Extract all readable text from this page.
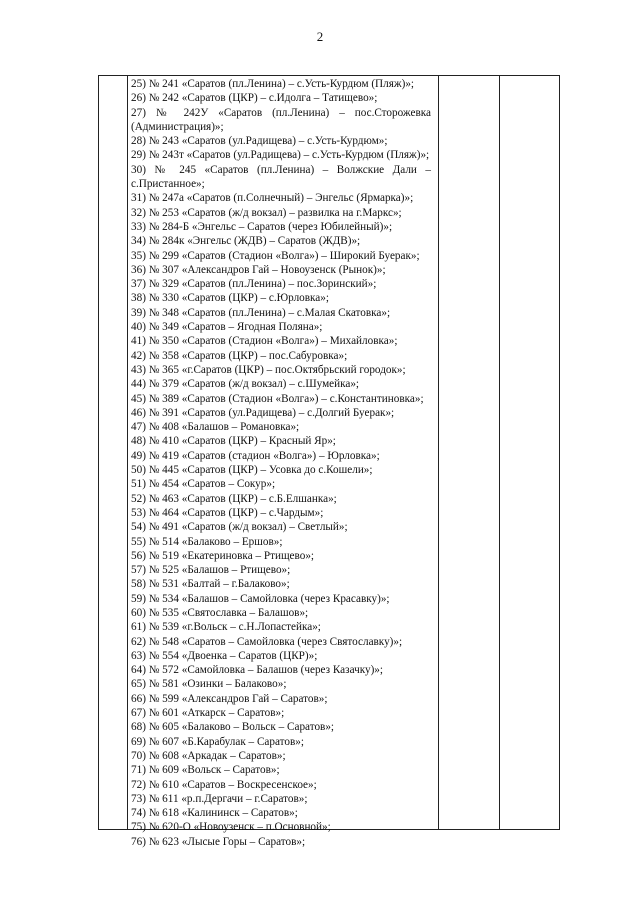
2
25) № 241 «Саратов (пл.Ленина) – с.Усть-Курдюм (Пляж)»;
26) № 242 «Саратов (ЦКР) – с.Идолга – Татищево»;
27) № 242У «Саратов (пл.Ленина) – пос.Сторожевка (Администрация)»;
28) № 243 «Саратов (ул.Радищева) – с.Усть-Курдюм»;
29) № 243т «Саратов (ул.Радищева) – с.Усть-Курдюм (Пляж)»;
30) № 245 «Саратов (пл.Ленина) – Волжские Дали – с.Пристанное»;
31) № 247а «Саратов (п.Солнечный) – Энгельс (Ярмарка)»;
32) № 253 «Саратов (ж/д вокзал) – развилка на г.Маркс»;
33) № 284-Б «Энгельс – Саратов (через Юбилейный)»;
34) № 284к «Энгельс (ЖДВ) – Саратов (ЖДВ)»;
35) № 299 «Саратов (Стадион «Волга») – Широкий Буерак»;
36) № 307 «Александров Гай – Новоузенск (Рынок)»;
37) № 329 «Саратов (пл.Ленина) – пос.Зоринский»;
38) № 330 «Саратов (ЦКР) – с.Юрловка»;
39) № 348 «Саратов (пл.Ленина) – с.Малая Скатовка»;
40) № 349 «Саратов – Ягодная Поляна»;
41) № 350 «Саратов (Стадион «Волга») – Михайловка»;
42) № 358 «Саратов (ЦКР) – пос.Сабуровка»;
43) № 365 «г.Саратов (ЦКР) – пос.Октябрьский городок»;
44) № 379 «Саратов (ж/д вокзал) – с.Шумейка»;
45) № 389 «Саратов (Стадион «Волга») – с.Константиновка»;
46) № 391 «Саратов (ул.Радищева) – с.Долгий Буерак»;
47) № 408 «Балашов – Романовка»;
48) № 410 «Саратов (ЦКР) – Красный Яр»;
49) № 419 «Саратов (стадион «Волга») – Юрловка»;
50) № 445 «Саратов (ЦКР) – Усовка до с.Кошели»;
51) № 454 «Саратов – Сокур»;
52) № 463 «Саратов (ЦКР) – с.Б.Елшанка»;
53) № 464 «Саратов (ЦКР) – с.Чардым»;
54) № 491 «Саратов (ж/д вокзал) – Светлый»;
55) № 514 «Балаково – Ершов»;
56) № 519 «Екатериновка – Ртищево»;
57) № 525 «Балашов – Ртищево»;
58) № 531 «Балтай – г.Балаково»;
59) № 534 «Балашов – Самойловка (через Красавку)»;
60) № 535 «Святославка – Балашов»;
61) № 539 «г.Вольск – с.Н.Лопастейка»;
62) № 548 «Саратов – Самойловка (через Святославку)»;
63) № 554 «Двоенка – Саратов (ЦКР)»;
64) № 572 «Самойловка – Балашов (через Казачку)»;
65) № 581 «Озинки – Балаково»;
66) № 599 «Александров Гай – Саратов»;
67) № 601 «Аткарск – Саратов»;
68) № 605 «Балаково – Вольск – Саратов»;
69) № 607 «Б.Карабулак – Саратов»;
70) № 608 «Аркадак – Саратов»;
71) № 609 «Вольск – Саратов»;
72) № 610 «Саратов – Воскресенское»;
73) № 611 «р.п.Дергачи – г.Саратов»;
74) № 618 «Калининск – Саратов»;
75) № 620-О «Новоузенск – п.Основной»;
76) № 623 «Лысые Горы – Саратов»;
